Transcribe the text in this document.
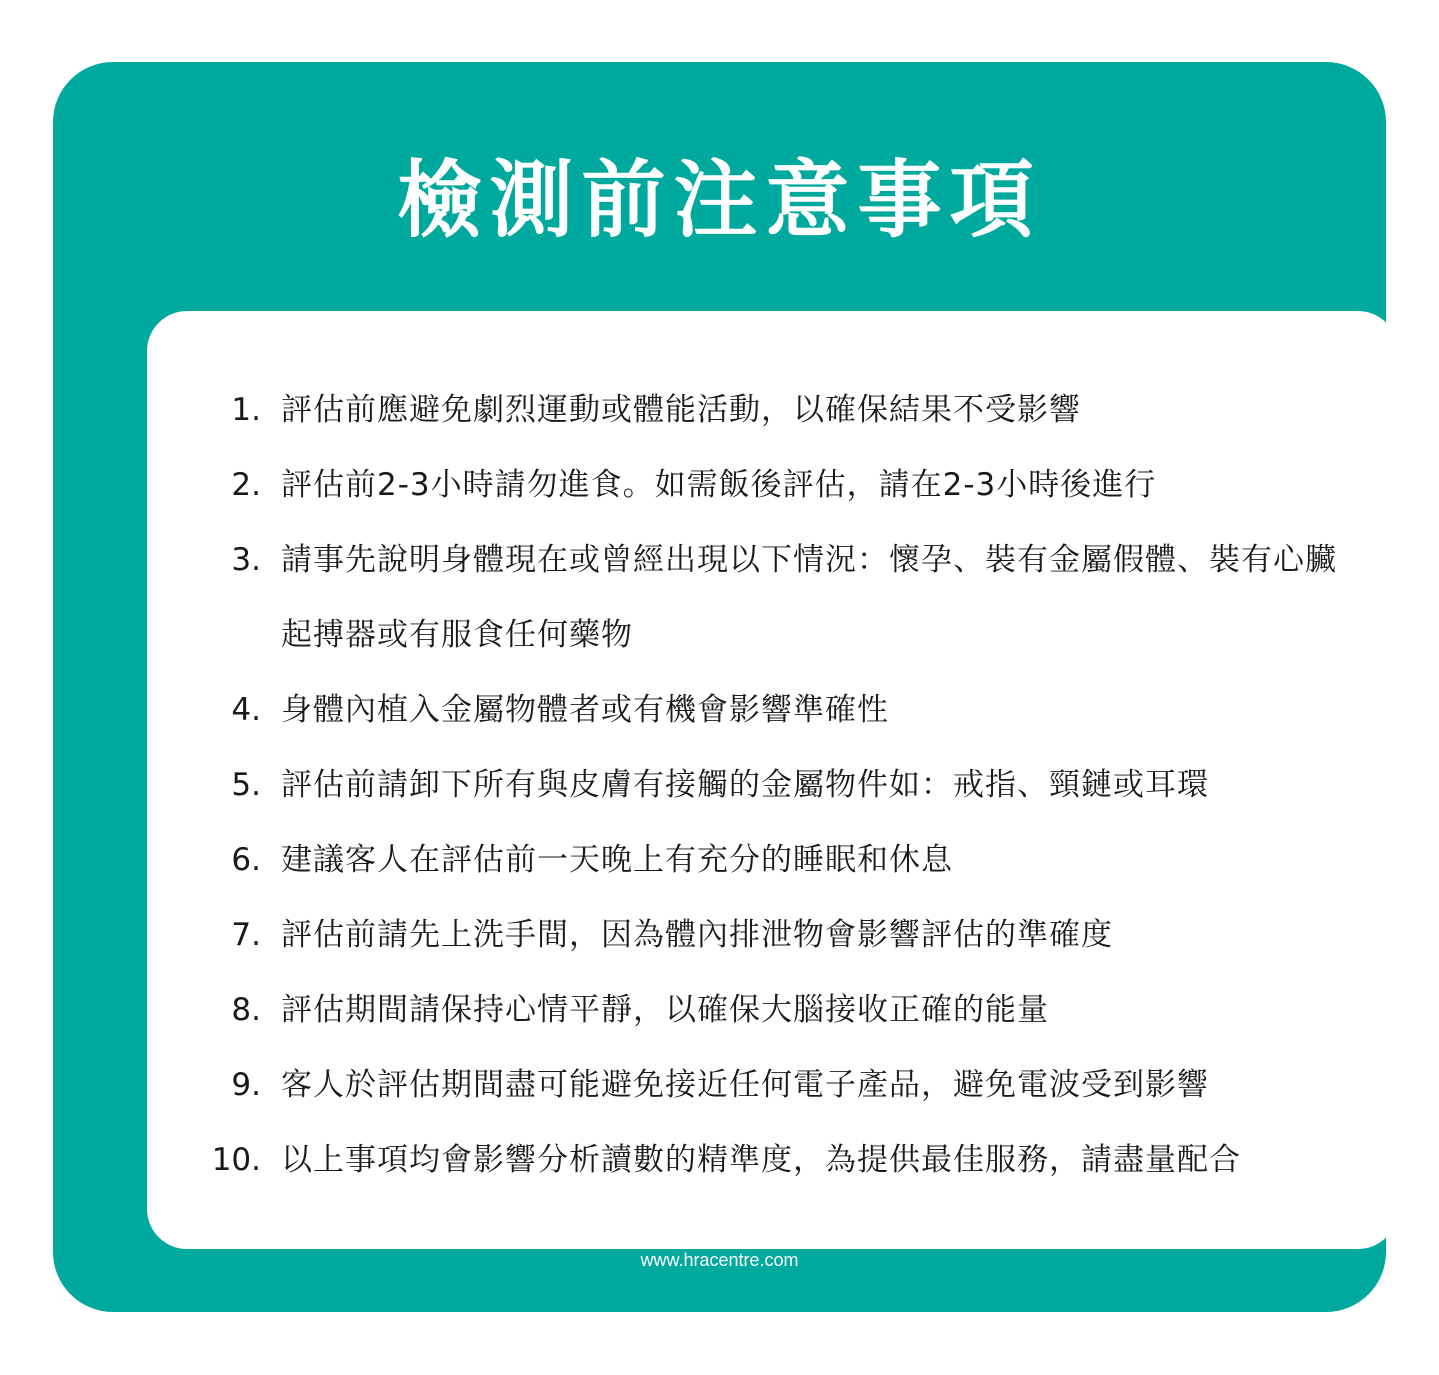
檢測前注意事項
1. 評估前應避免劇烈運動或體能活動，以確保結果不受影響
2. 評估前2-3小時請勿進食。如需飯後評估，請在2-3小時後進行
3. 請事先說明身體現在或曾經出現以下情況：懷孕、裝有金屬假體、裝有心臟起搏器或有服食任何藥物
4. 身體內植入金屬物體者或有機會影響準確性
5. 評估前請卸下所有與皮膚有接觸的金屬物件如：戒指、頸鏈或耳環
6. 建議客人在評估前一天晚上有充分的睡眠和休息
7. 評估前請先上洗手間，因為體內排泄物會影響評估的準確度
8. 評估期間請保持心情平靜，以確保大腦接收正確的能量
9. 客人於評估期間盡可能避免接近任何電子產品，避免電波受到影響
10. 以上事項均會影響分析讀數的精準度，為提供最佳服務，請盡量配合
PHRM · PROFESSIONAL SERVICE · ADVANCED TECHNOLOGY · HOLISTIC SOLUTION
www.hracentre.com
